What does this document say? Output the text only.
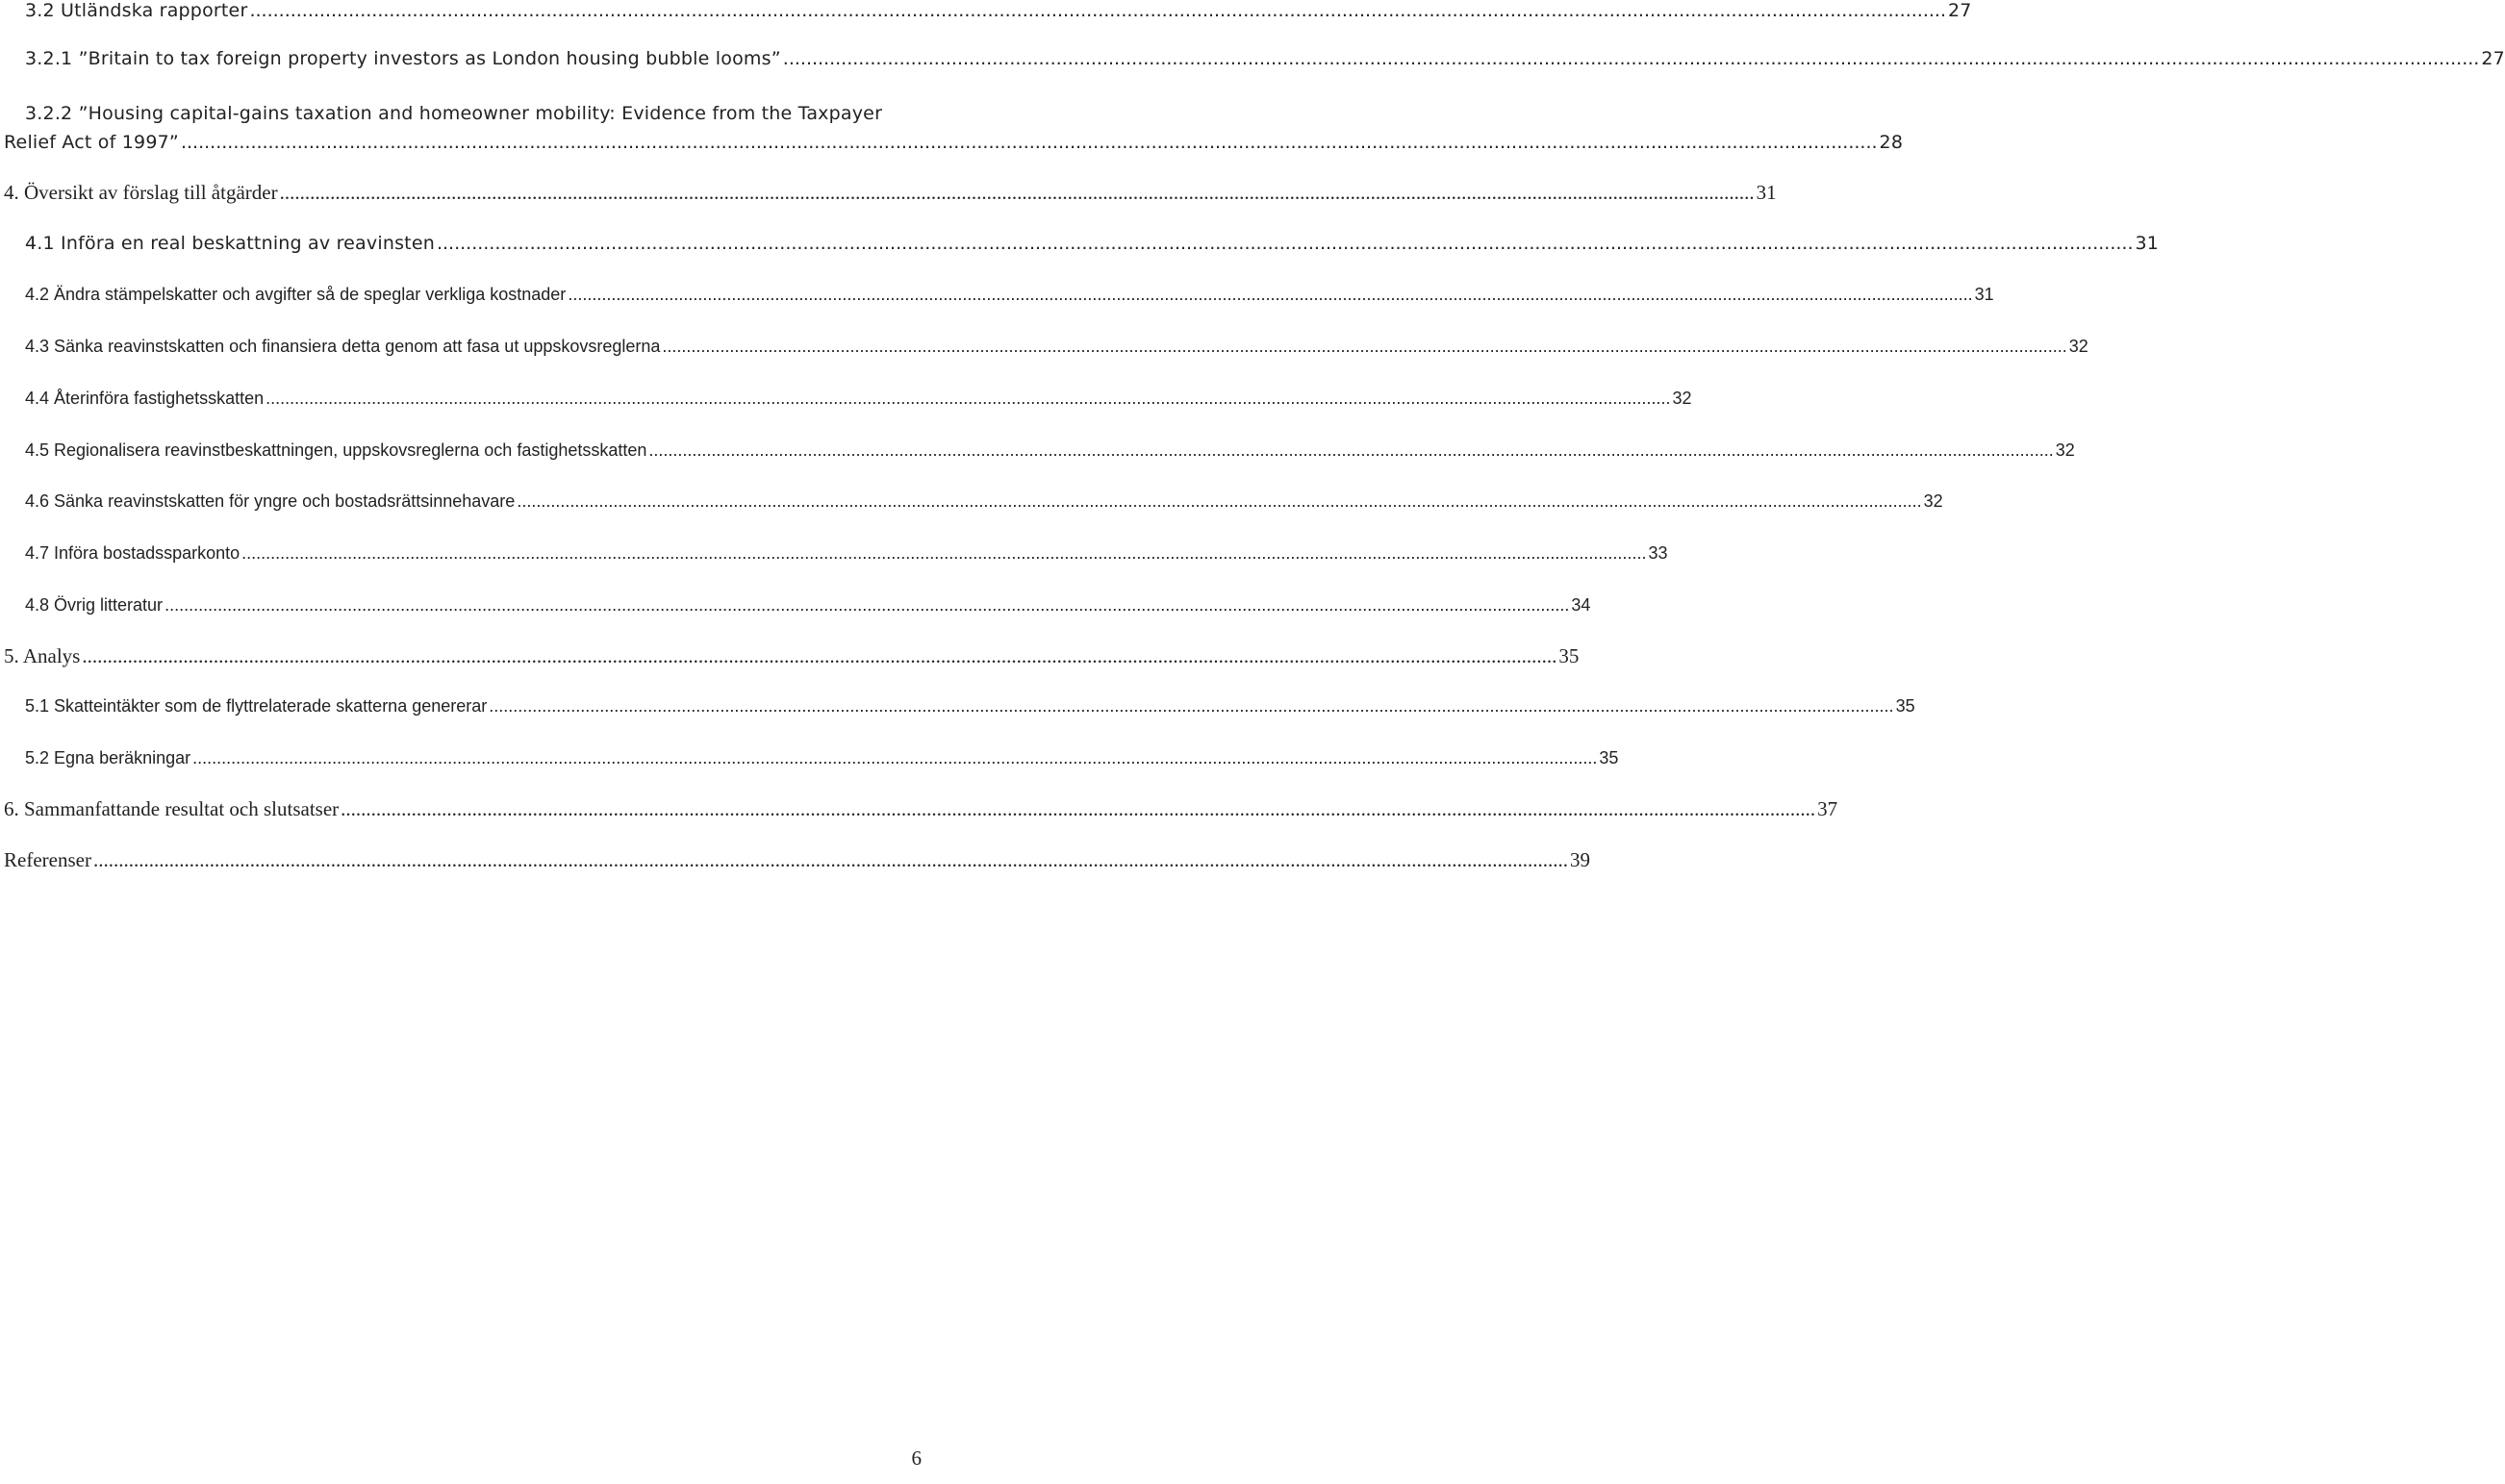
3.2 Utländska rapporter .....	27
3.2.1 ”Britain to tax foreign property investors as London housing bubble looms” .....	27
3.2.2 ”Housing capital-gains taxation and homeowner mobility: Evidence from the Taxpayer
Relief Act of 1997” .....	28
4. Översikt av förslag till åtgärder .....	31
4.1 Införa en real beskattning av reavinsten .....	31
4.2 Ändra stämpelskatter och avgifter så de speglar verkliga kostnader .....	31
4.3 Sänka reavinstskatten och finansiera detta genom att fasa ut uppskovsreglerna .....	32
4.4 Återinföra fastighetsskatten .....	32
4.5 Regionalisera reavinstbeskattningen, uppskovsreglerna och fastighetsskatten .....	32
4.6 Sänka reavinstskatten för yngre och bostadsrättsinnehavare .....	32
4.7 Införa bostadssparkonto .....	33
4.8 Övrig litteratur .....	34
5. Analys .....	35
5.1 Skatteintäkter som de flyttrelaterade skatterna genererar .....	35
5.2 Egna beräkningar .....	35
6. Sammanfattande resultat och slutsatser .....	37
Referenser .....	39
6
